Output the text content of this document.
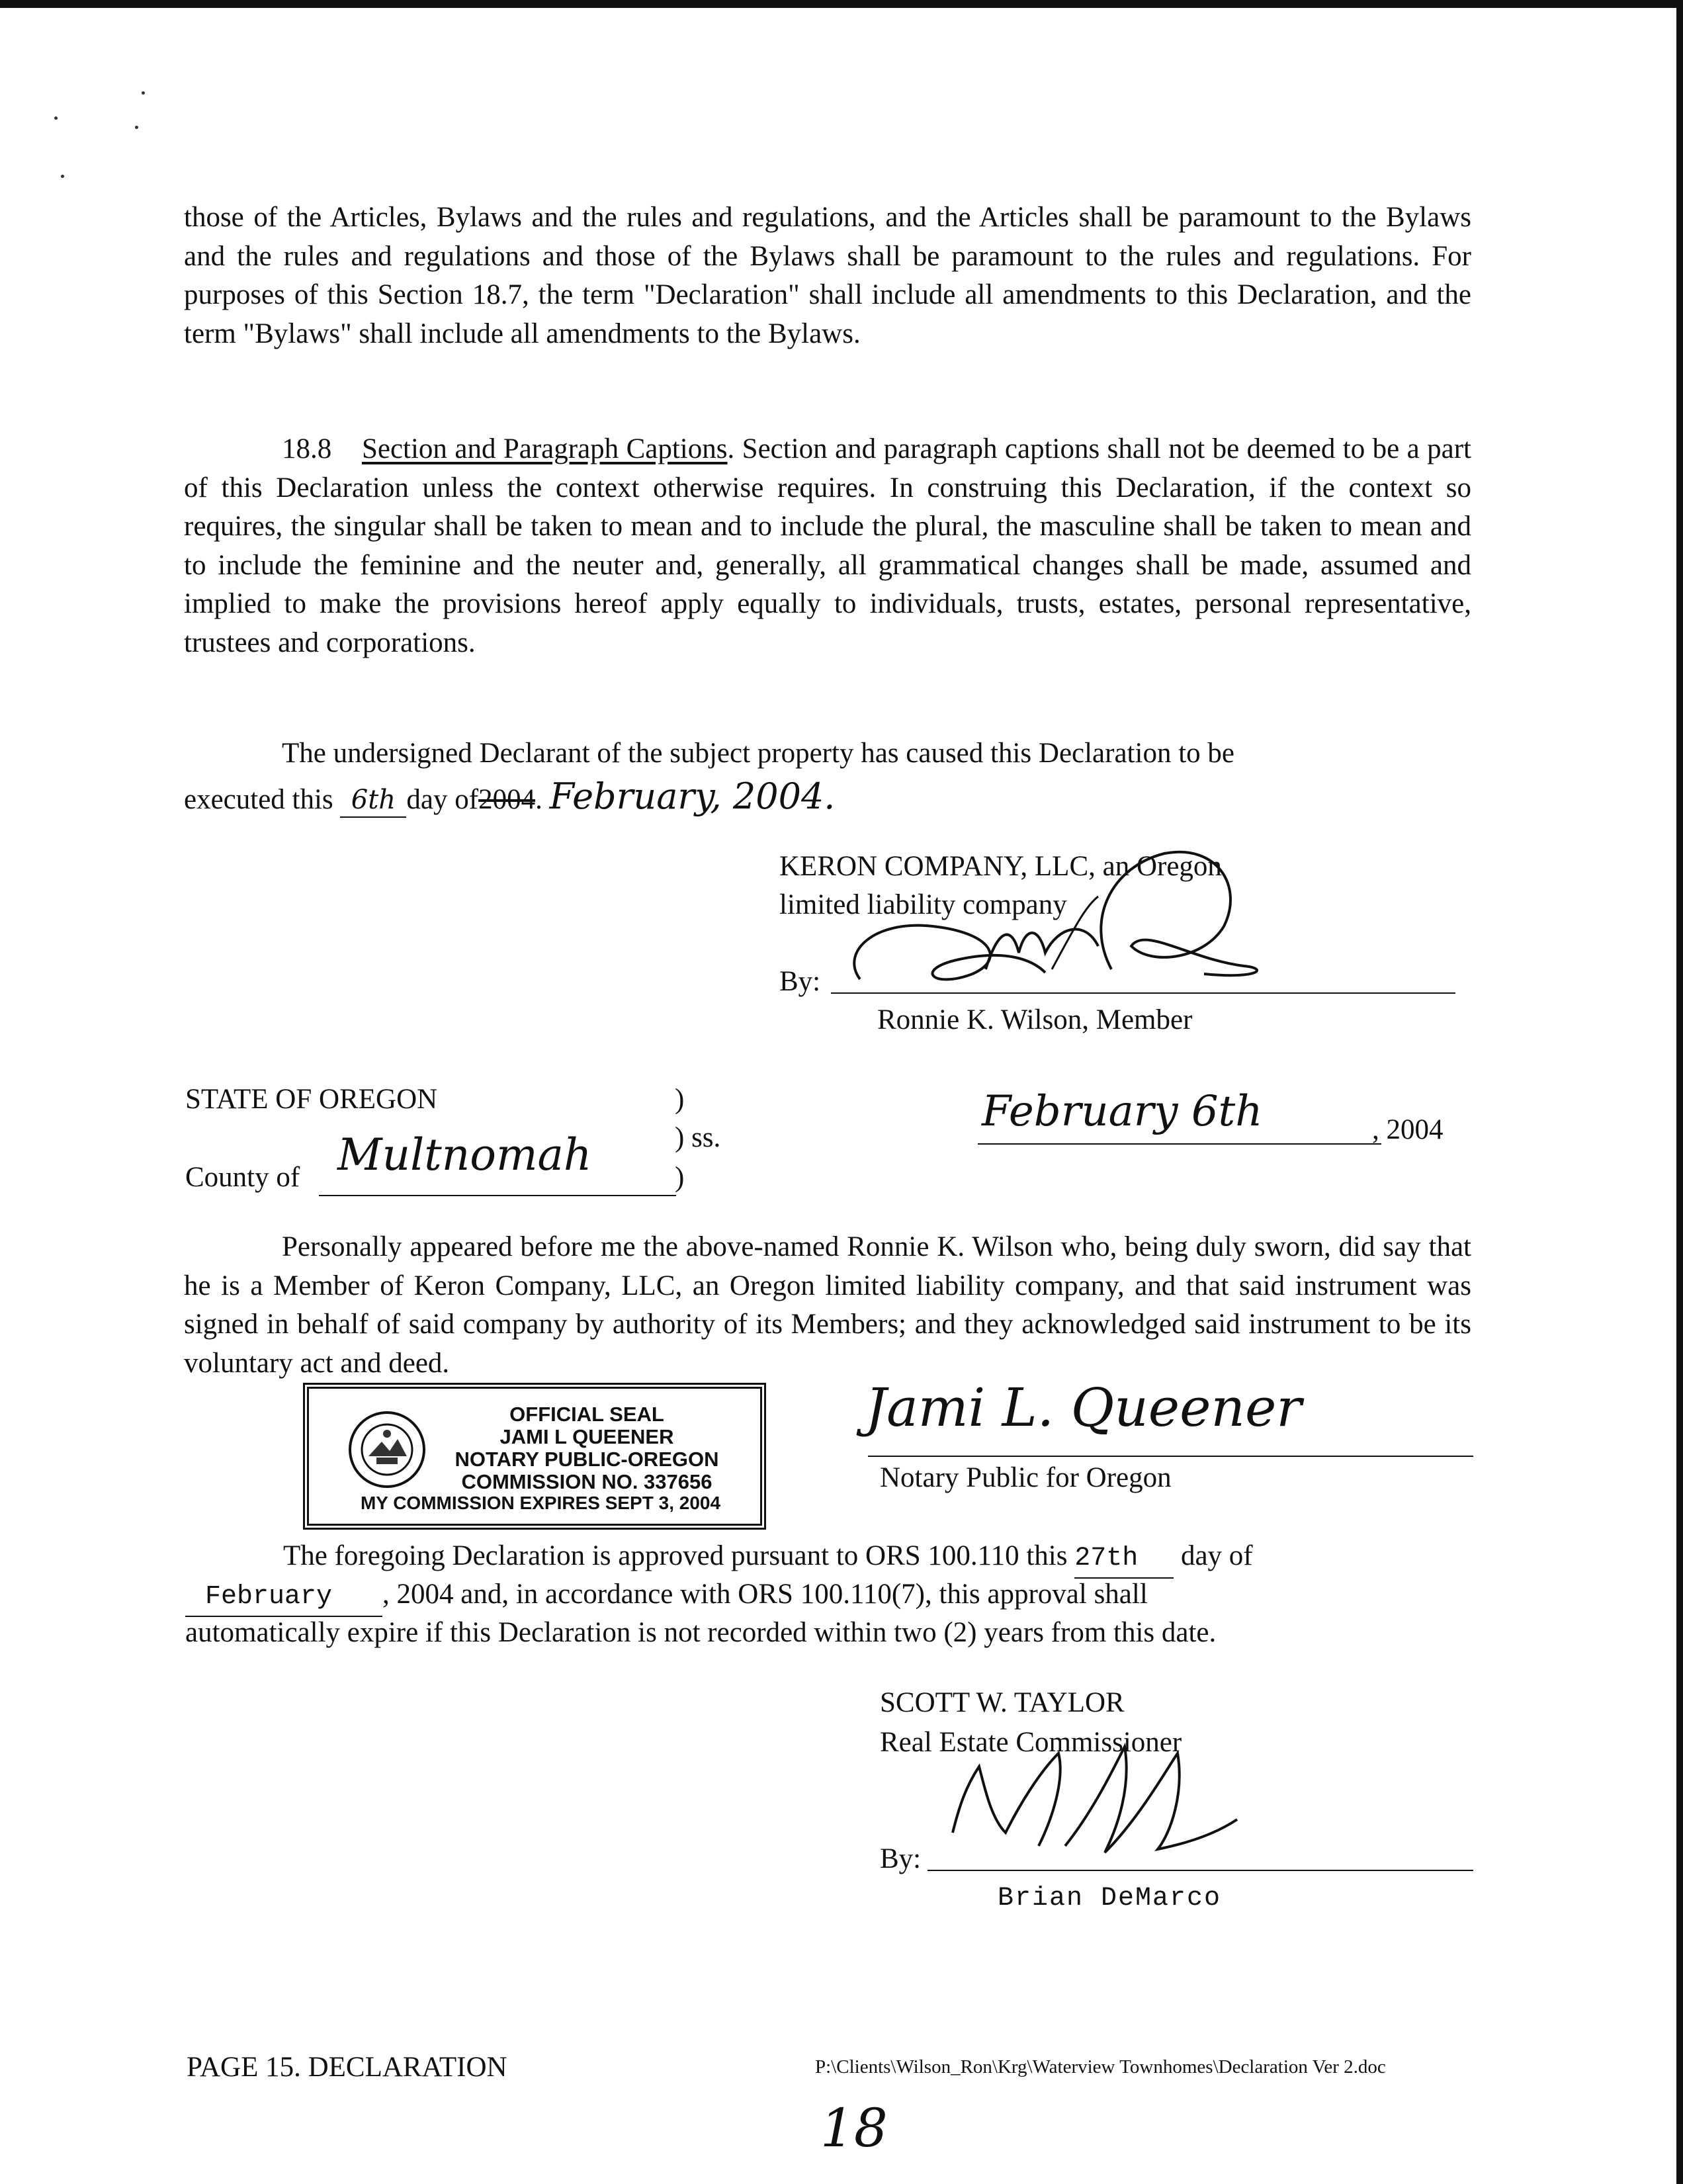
those of the Articles, Bylaws and the rules and regulations, and the Articles shall be paramount to the Bylaws and the rules and regulations and those of the Bylaws shall be paramount to the rules and regulations. For purposes of this Section 18.7, the term "Declaration" shall include all amendments to this Declaration, and the term "Bylaws" shall include all amendments to the Bylaws.

18.8 Section and Paragraph Captions. Section and paragraph captions shall not be deemed to be a part of this Declaration unless the context otherwise requires. In construing this Declaration, if the context so requires, the singular shall be taken to mean and to include the plural, the masculine shall be taken to mean and to include the feminine and the neuter and, generally, all grammatical changes shall be made, assumed and implied to make the provisions hereof apply equally to individuals, trusts, estates, personal representative, trustees and corporations.

The undersigned Declarant of the subject property has caused this Declaration to be

executed this 6th day of2004. February, 2004.
KERON COMPANY, LLC, an Oregon
limited liability company
By:
Ronnie K. Wilson, Member
STATE OF OREGON	)
) ss.
County of Multnomah	)
February 6th	, 2004

Personally appeared before me the above-named Ronnie K. Wilson who, being duly sworn, did say that he is a Member of Keron Company, LLC, an Oregon limited liability company, and that said instrument was signed in behalf of said company by authority of its Members; and they acknowledged said instrument to be its voluntary act and deed.

OFFICIAL SEAL
JAMI L QUEENER
NOTARY PUBLIC-OREGON
COMMISSION NO. 337656
MY COMMISSION EXPIRES SEPT 3, 2004
Jami L. Queener
Notary Public for Oregon
The foregoing Declaration is approved pursuant to ORS 100.110 this 27th day of
February , 2004 and, in accordance with ORS 100.110(7), this approval shall
automatically expire if this Declaration is not recorded within two (2) years from this date.
SCOTT W. TAYLOR
Real Estate Commissioner
By:
Brian DeMarco
PAGE 15. DECLARATION	P:\Clients\Wilson_Ron\Krg\Waterview Townhomes\Declaration Ver 2.doc
18
